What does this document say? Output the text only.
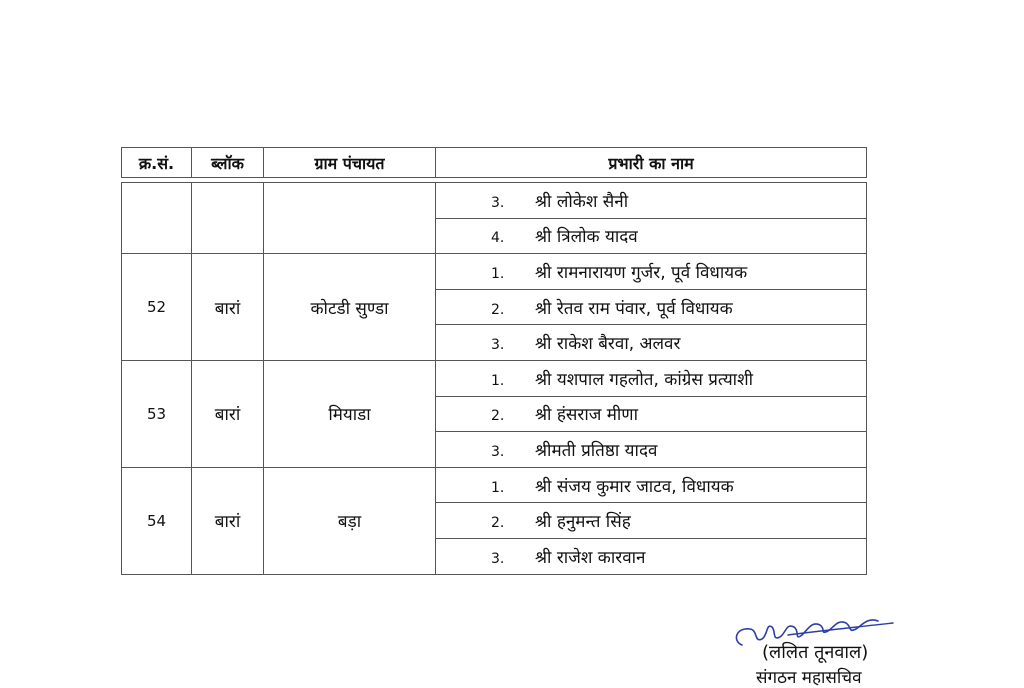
क्र.सं.	ब्लॉक	ग्राम पंचायत	प्रभारी का नाम
			3. श्री लोकेश सैनी
			4. श्री त्रिलोक यादव
52	बारां	कोटडी सुण्डा	1. श्री रामनारायण गुर्जर, पूर्व विधायक
			2. श्री रेतव राम पंवार, पूर्व विधायक
			3. श्री राकेश बैरवा, अलवर
53	बारां	मियाडा	1. श्री यशपाल गहलोत, कांग्रेस प्रत्याशी
			2. श्री हंसराज मीणा
			3. श्रीमती प्रतिष्ठा यादव
54	बारां	बड़ा	1. श्री संजय कुमार जाटव, विधायक
			2. श्री हनुमन्त सिंह
			3. श्री राजेश कारवान
(ललित तूनवाल)
संगठन महासचिव
